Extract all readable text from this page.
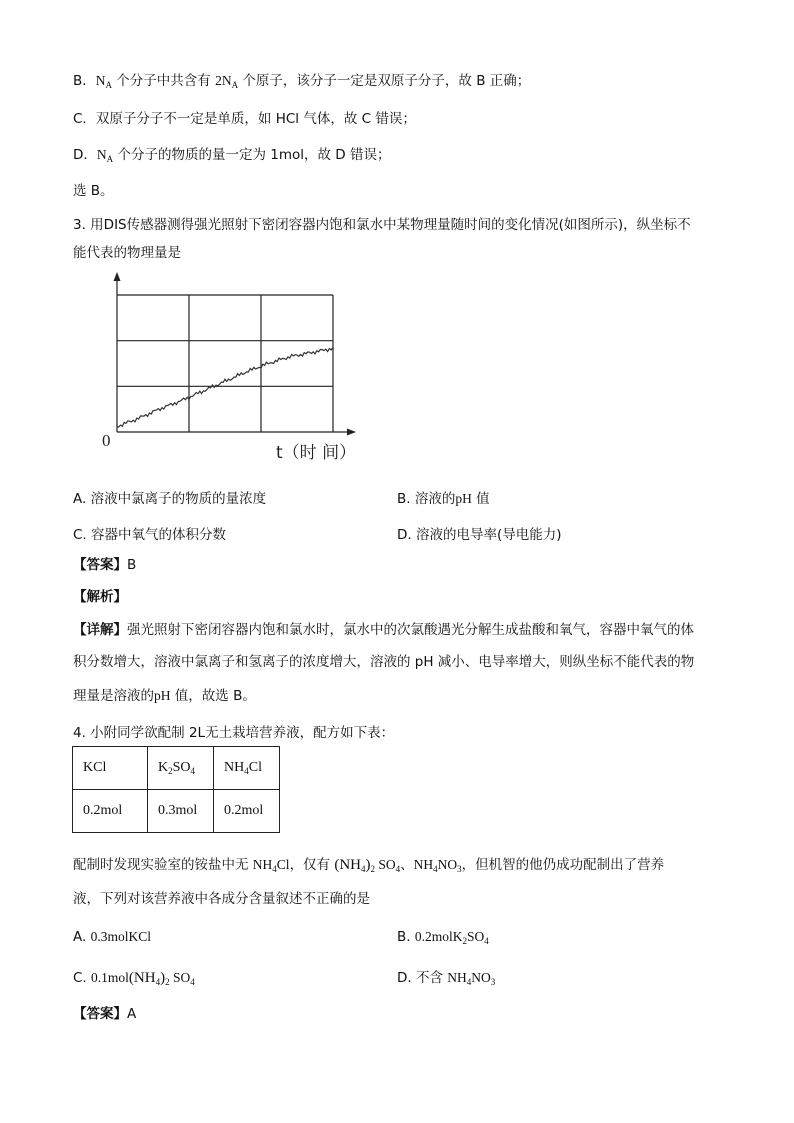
B．$N_A$ 个分子中共含有 $2N_A$ 个原子，该分子一定是双原子分子，故 B 正确；
C．双原子分子不一定是单质，如 HCl 气体，故 C 错误；
D．$N_A$ 个分子的物质的量一定为 1mol，故 D 错误；
选 B。
3. 用DIS传感器测得强光照射下密闭容器内饱和氯水中某物理量随时间的变化情况(如图所示)，纵坐标不
能代表的物理量是
0
t（时 间）
A. 溶液中氯离子的物质的量浓度	B. 溶液的pH 值
C. 容器中氧气的体积分数	D. 溶液的电导率(导电能力)
【答案】B
【解析】
【详解】强光照射下密闭容器内饱和氯水时，氯水中的次氯酸遇光分解生成盐酸和氧气，容器中氧气的体
积分数增大，溶液中氯离子和氢离子的浓度增大，溶液的 pH 减小、电导率增大，则纵坐标不能代表的物
理量是溶液的pH 值，故选 B。
4. 小附同学欲配制 2L无土栽培营养液，配方如下表：
KCl	$K_2SO_4$	$NH_4Cl$
0.2mol	0.3mol	0.2mol
配制时发现实验室的铵盐中无 $NH_4Cl$，仅有 $(NH_4)_2$ $SO_4$、$NH_4NO_3$，但机智的他仍成功配制出了营养
液，下列对该营养液中各成分含量叙述不正确的是
A. 0.3molKCl	B. $0.2molK_2SO_4$
C. $0.1mol(NH_4)_2$ $SO_4$	D. 不含 $NH_4NO_3$
【答案】A
